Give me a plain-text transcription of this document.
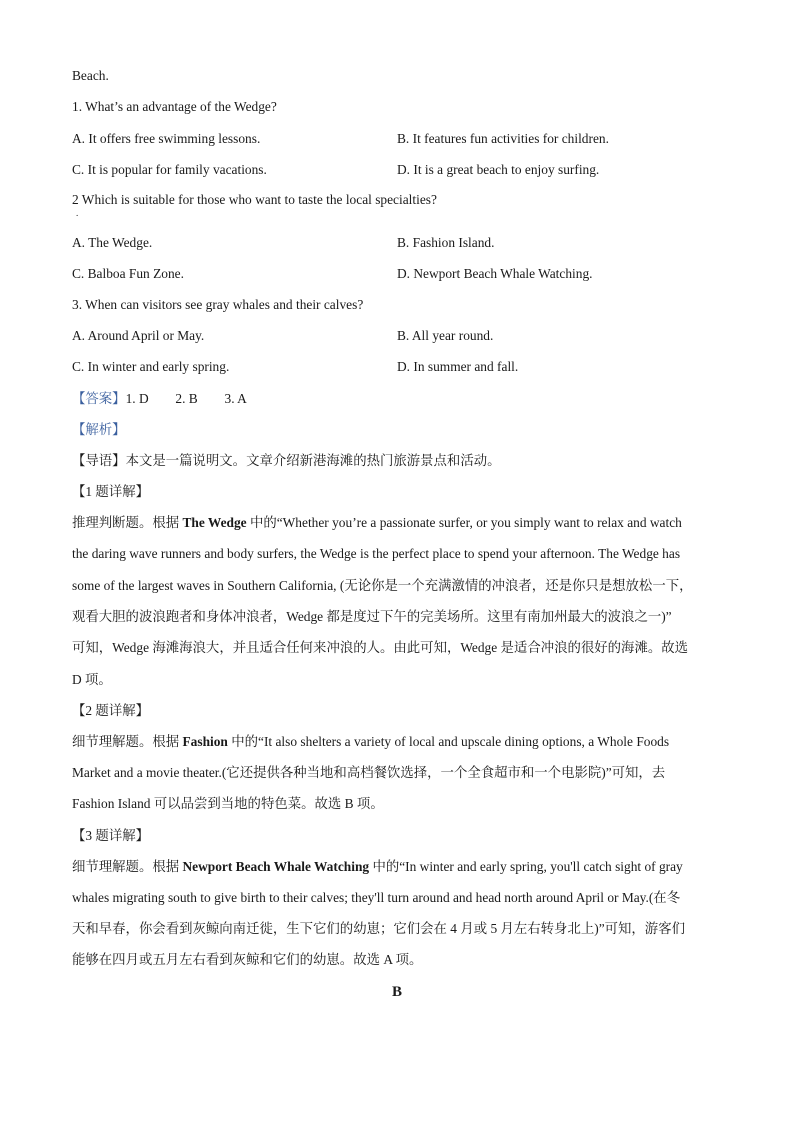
Beach.
1. What’s an advantage of the Wedge?
A. It offers free swimming lessons.	B. It features fun activities for children.
C. It is popular for family vacations.	D. It is a great beach to enjoy surfing.
2 Which is suitable for those who want to taste the local specialties?
.
A. The Wedge.	B. Fashion Island.
C. Balboa Fun Zone.	D. Newport Beach Whale Watching.
3. When can visitors see gray whales and their calves?
A. Around April or May.	B. All year round.
C. In winter and early spring.	D. In summer and fall.
【答案】1. D        2. B        3. A
【解析】
【导语】本文是一篇说明文。文章介绍新港海滩的热门旅游景点和活动。
【1 题详解】
推理判断题。根据 The Wedge 中的“Whether you’re a passionate surfer, or you simply want to relax and watch
the daring wave runners and body surfers, the Wedge is the perfect place to spend your afternoon. The Wedge has
some of the largest waves in Southern California, (无论你是一个充满激情的冲浪者，还是你只是想放松一下，
观看大胆的波浪跑者和身体冲浪者，Wedge 都是度过下午的完美场所。这里有南加州最大的波浪之一)”
可知，Wedge 海滩海浪大，并且适合任何来冲浪的人。由此可知，Wedge 是适合冲浪的很好的海滩。故选
D 项。
【2 题详解】
细节理解题。根据 Fashion 中的“It also shelters a variety of local and upscale dining options, a Whole Foods
Market and a movie theater.(它还提供各种当地和高档餐饮选择，一个全食超市和一个电影院)”可知，去
Fashion Island 可以品尝到当地的特色菜。故选 B 项。
【3 题详解】
细节理解题。根据 Newport Beach Whale Watching 中的“In winter and early spring, you'll catch sight of gray
whales migrating south to give birth to their calves; they'll turn around and head north around April or May.(在冬
天和早春，你会看到灰鲸向南迁徙，生下它们的幼崽；它们会在 4 月或 5 月左右转身北上)”可知，游客们
能够在四月或五月左右看到灰鲸和它们的幼崽。故选 A 项。
B
